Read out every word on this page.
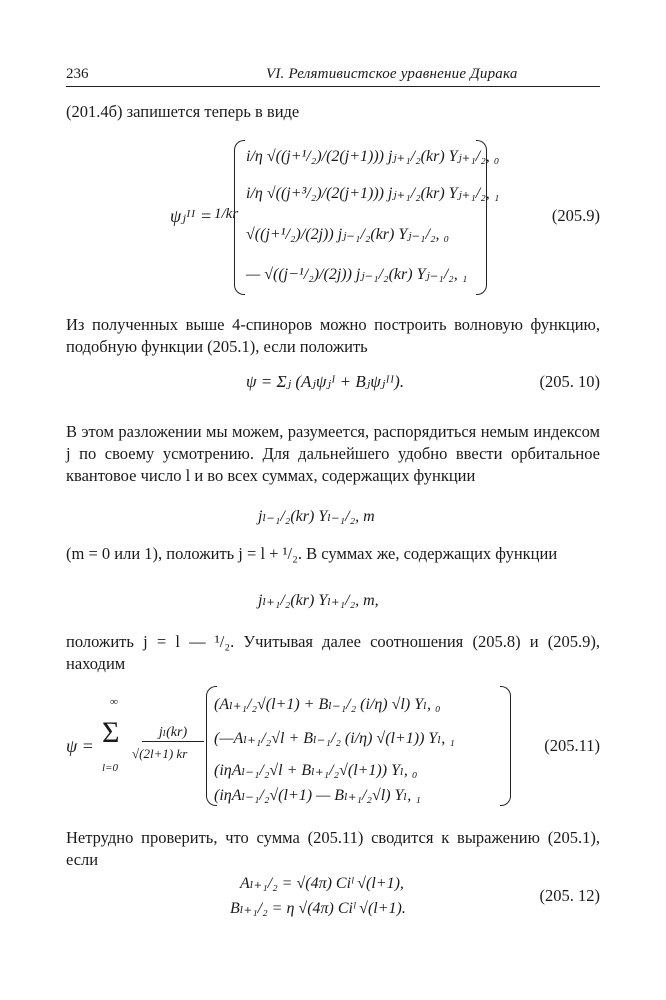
236	VI. Релятивистское уравнение Дирака

(201.4б) запишется теперь в виде

ψⱼᴵᴵ = 1/kr
i/η √((j+¹/₂)/(2(j+1))) jⱼ₊₁/₂(kr) Yⱼ₊₁/₂, ₀
i/η √((j+³/₂)/(2(j+1))) jⱼ₊₁/₂(kr) Yⱼ₊₁/₂, ₁
√((j+¹/₂)/(2j)) jⱼ₋₁/₂(kr) Yⱼ₋₁/₂, ₀
— √((j−¹/₂)/(2j)) jⱼ₋₁/₂(kr) Yⱼ₋₁/₂, ₁
(205.9)

Из полученных выше 4-спиноров можно построить волновую функцию, подобную функции (205.1), если положить

ψ = Σⱼ (Aⱼψⱼᴵ + Bⱼψⱼᴵᴵ).	(205. 10)

В этом разложении мы можем, разумеется, распорядиться немым индексом j по своему усмотрению. Для дальнейшего удобно ввести орбитальное квантовое число l и во всех суммах, содержащих функции

jₗ₋₁/₂(kr) Yₗ₋₁/₂, m

(m = 0 или 1), положить j = l + ¹/₂. В суммах же, содержащих функции

jₗ₊₁/₂(kr) Yₗ₊₁/₂, m,

положить j = l — ¹/₂. Учитывая далее соотношения (205.8) и (205.9), находим

ψ =
∞
Σ
l=0
jₗ(kr)
√(2l+1) kr
(Aₗ₊₁/₂√(l+1) + Bₗ₋₁/₂ (i/η) √l) Yₗ, ₀
(—Aₗ₊₁/₂√l + Bₗ₋₁/₂ (i/η) √(l+1)) Yₗ, ₁
(iηAₗ₋₁/₂√l + Bₗ₊₁/₂√(l+1)) Yₗ, ₀
(iηAₗ₋₁/₂√(l+1) — Bₗ₊₁/₂√l) Yₗ, ₁
(205.11)

Нетрудно проверить, что сумма (205.11) сводится к выражению (205.1), если

Aₗ₊₁/₂ = √(4π) Ciˡ √(l+1),
Bₗ₊₁/₂ = η √(4π) Ciˡ √(l+1).
(205. 12)
